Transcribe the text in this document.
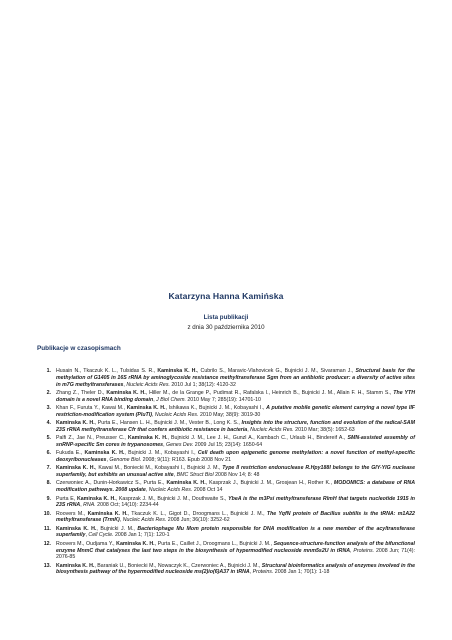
Katarzyna Hanna Kamińska
Lista publikacji
z dnia 30 października 2010
Publikacje w czasopismach
1. Husain N., Tkaczuk K. L., Tulsidas S. R., Kaminska K. H., Cubrilo S., Maravic-Vlahovicek G., Bujnicki J. M., Sivaraman J., Structural basis for the methylation of G1405 in 16S rRNA by aminoglycoside resistance methyltransferase Sgm from an antibiotic producer: a diversity of active sites in m7G methyltransferases, Nucleic Acids Res. 2010 Jul 1; 38(12): 4120-32
2. Zhang Z., Theler D., Kaminska K. H., Hiller M., de la Grange P., Pudimat R., Rafalska I., Heinrich B., Bujnicki J. M., Allain F. H., Stamm S., The YTH domain is a novel RNA binding domain, J Biol Chem. 2010 May 7; 285(19): 14701-10
3. Khan F., Furuta Y., Kawai M., Kaminska K. H., Ishikawa K., Bujnicki J. M., Kobayashi I., A putative mobile genetic element carrying a novel type IIF restriction-modification system (PluTI), Nucleic Acids Res. 2010 May; 38(9): 3019-30
4. Kaminska K. H., Purta E., Hansen L. H., Bujnicki J. M., Vester B., Long K. S., Insights into the structure, function and evolution of the radical-SAM 23S rRNA methyltransferase Cfr that confers antibiotic resistance in bacteria, Nucleic Acids Res. 2010 Mar; 38(5): 1652-63
5. Palfi Z., Jae N., Preusser C., Kaminska K. H., Bujnicki J. M., Lee J. H., Gunzl A., Kambach C., Urlaub H., Bindereif A., SMN-assisted assembly of snRNP-specific Sm cores in trypanosomes, Genes Dev. 2009 Jul 15; 23(14): 1650-64
6. Fukuda E., Kaminska K. H., Bujnicki J. M., Kobayashi I., Cell death upon epigenetic genome methylation: a novel function of methyl-specific deoxyribonucleases, Genome Biol. 2008; 9(11): R163. Epub 2008 Nov 21
7. Kaminska K. H., Kawai M., Boniecki M., Kobayashi I., Bujnicki J. M., Type II restriction endonuclease R.Hpy188I belongs to the GIY-YIG nuclease superfamily, but exhibits an unusual active site, BMC Struct Biol 2008 Nov 14; 8: 48
8. Czerwoniec A., Dunin-Horkawicz S., Purta E., Kaminska K. H., Kasprzak J., Bujnicki J. M., Grosjean H., Rother K., MODOMICS: a database of RNA modification pathways. 2008 update, Nucleic Acids Res. 2008 Oct 14
9. Purta E, Kaminska K. H., Kasprzak J. M., Bujnicki J. M., Douthwaite S., YbeA is the m3Psi methyltransferase RlmH that targets nucleotide 1915 in 23S rRNA, RNA. 2008 Oct; 14(10): 2234-44
10. Roovers M., Kaminska K. H., Tkaczuk K. L., Gigot D., Droogmans L., Bujnicki J. M., The YqfN protein of Bacillus subtilis is the tRNA: m1A22 methyltransferase (TrmK), Nucleic Acids Res. 2008 Jun; 36(10): 3252-62
11. Kaminska K. H., Bujnicki J. M., Bacteriophage Mu Mom protein responsible for DNA modification is a new member of the acyltransferase superfamily, Cell Cycle. 2008 Jan 1; 7(1): 120-1
12. Roovers M., Oudjama Y., Kaminska K. H., Purta E., Caillet J., Droogmans L., Bujnicki J. M., Sequence-structure-function analysis of the bifunctional enzyme MnmC that catalyses the last two steps in the biosynthesis of hypermodified nucleoside mnm5s2U in tRNA, Proteins. 2008 Jun; 71(4): 2076-85
13. Kaminska K. H., Baraniak U., Boniecki M., Nowaczyk K., Czerwoniec A., Bujnicki J. M., Structural bioinformatics analysis of enzymes involved in the biosynthesis pathway of the hypermodified nucleoside ms(2)io(6)A37 in tRNA, Proteins. 2008 Jan 1; 70(1): 1-18
